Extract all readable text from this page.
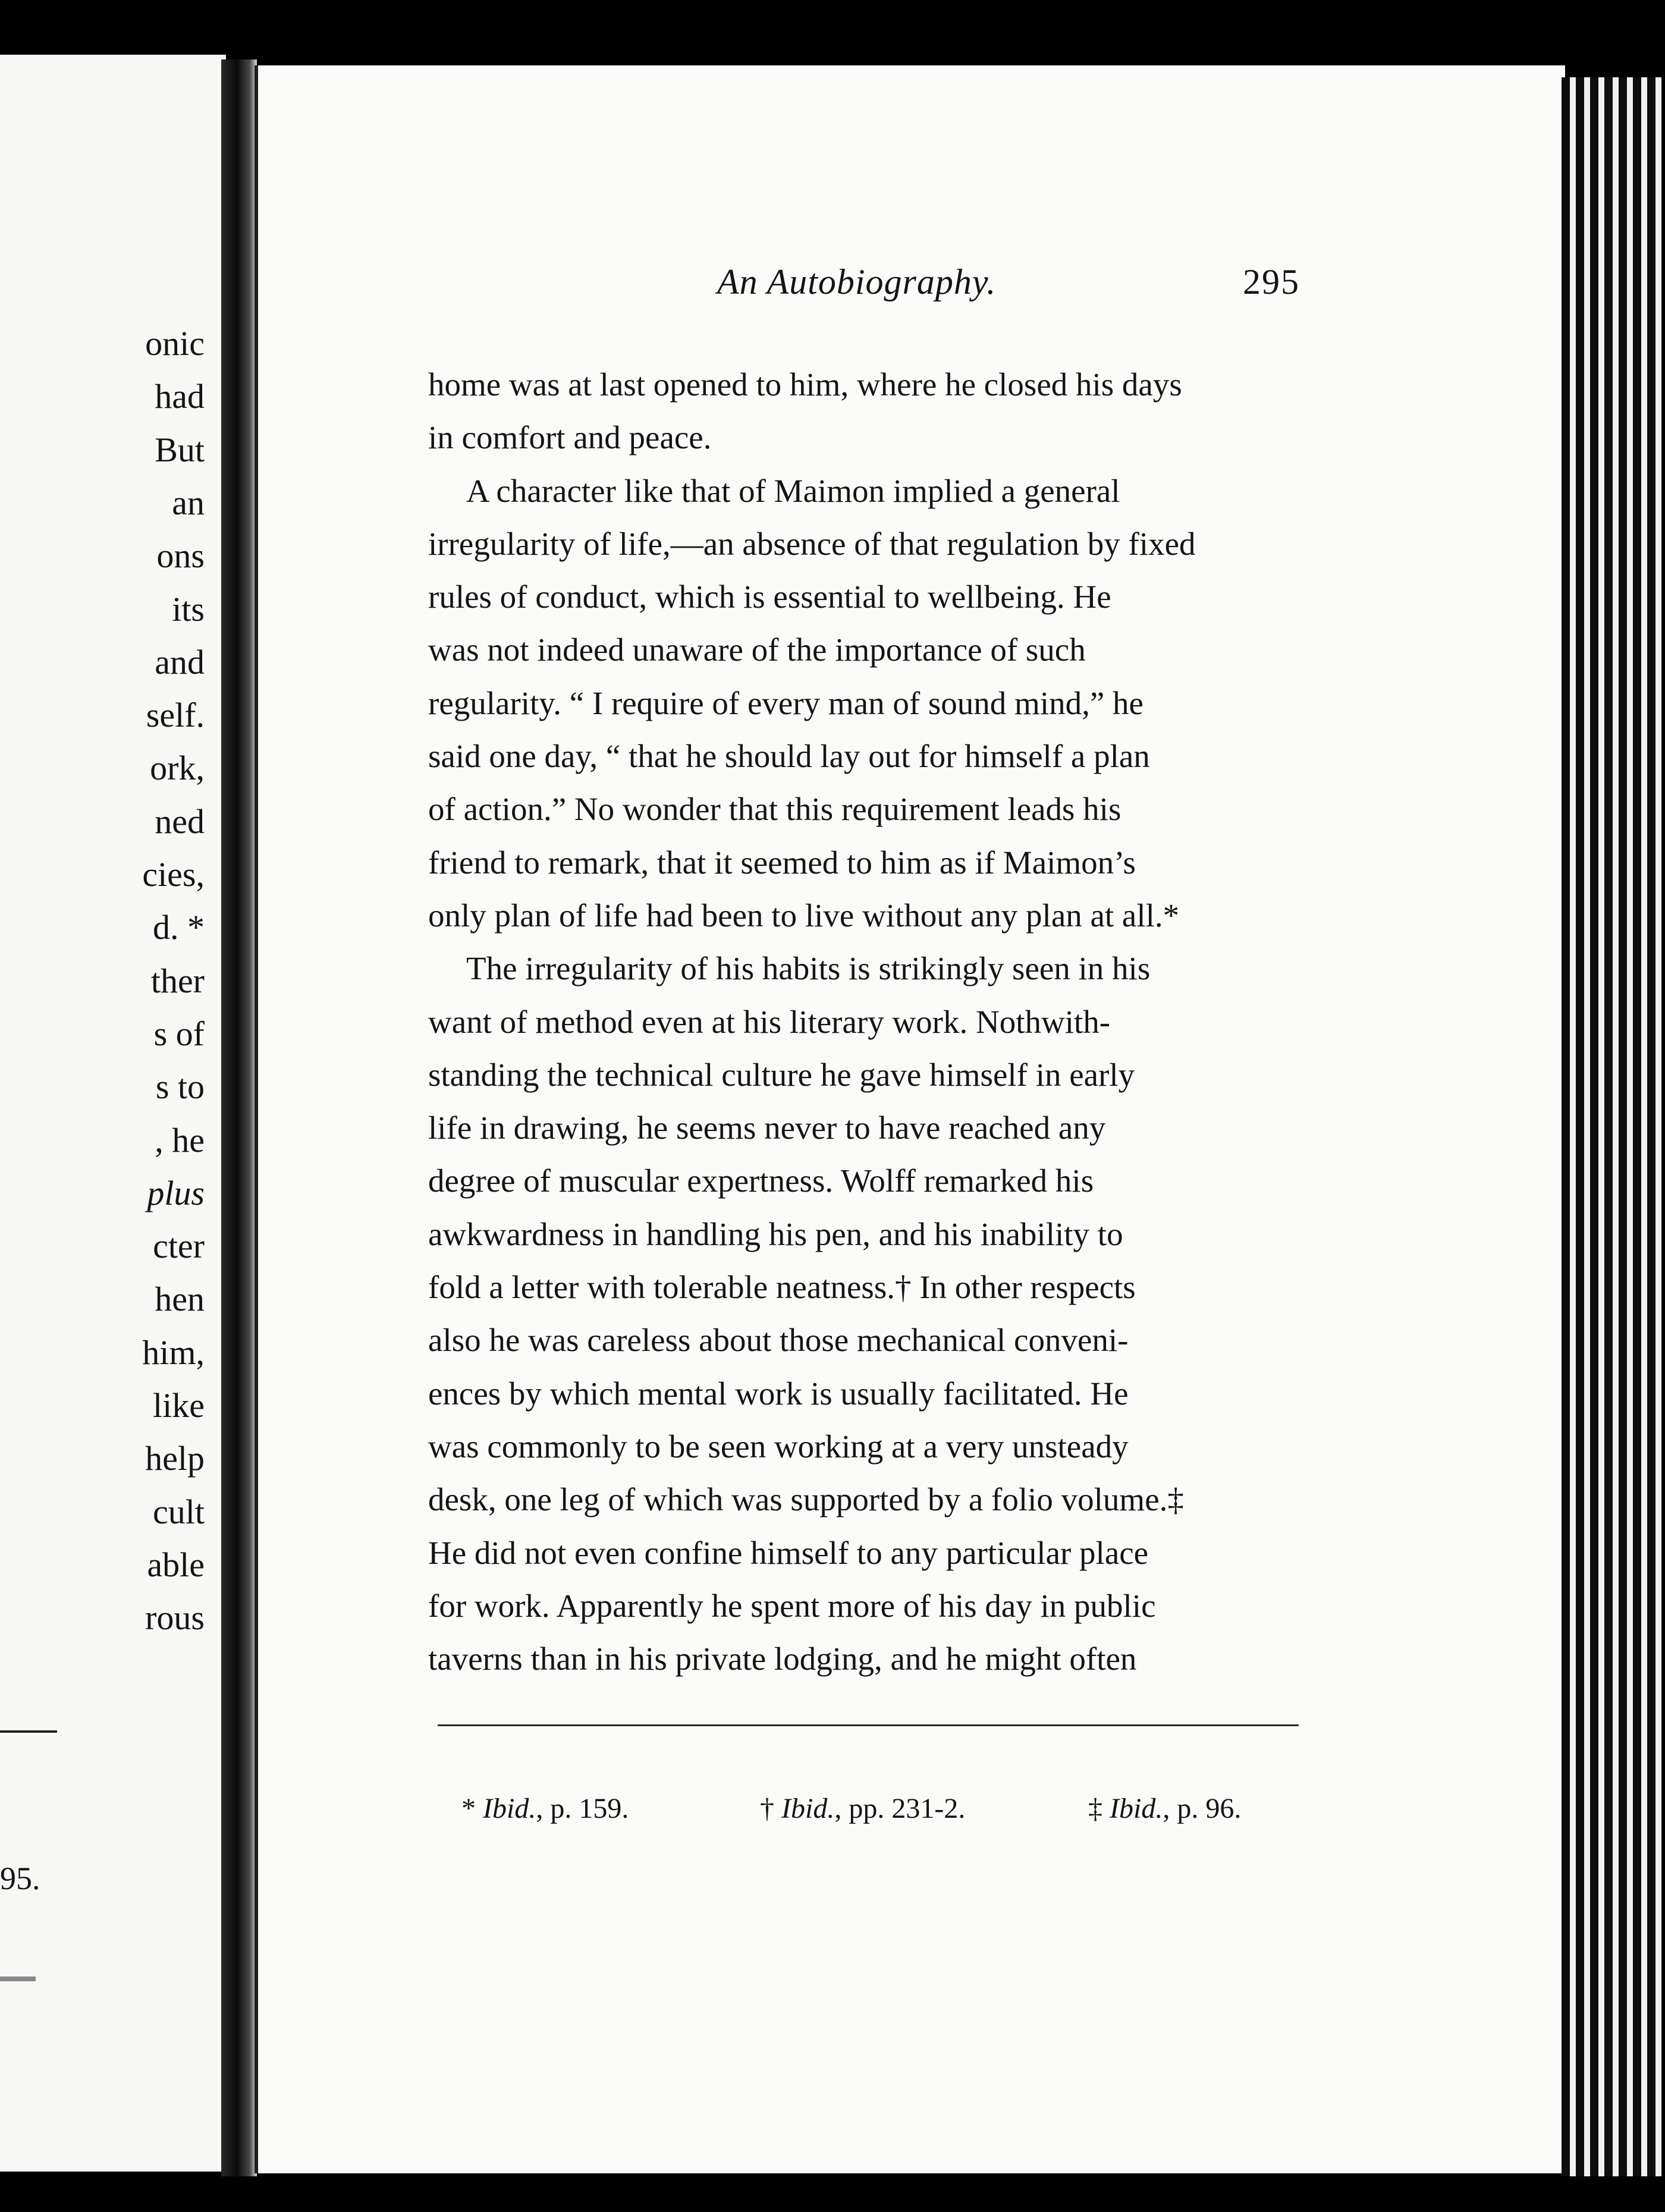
onic
had
But
an
ons
its
and
self.
ork,
ned
cies,
d. *
ther
s of
s to
, he
plus
cter
hen
him,
like
help
cult
able
rous
95.
An Autobiography.	295
home was at last opened to him, where he closed his days
in comfort and peace.
A character like that of Maimon implied a general
irregularity of life,—an absence of that regulation by fixed
rules of conduct, which is essential to wellbeing. He
was not indeed unaware of the importance of such
regularity. “ I require of every man of sound mind,” he
said one day, “ that he should lay out for himself a plan
of action.” No wonder that this requirement leads his
friend to remark, that it seemed to him as if Maimon’s
only plan of life had been to live without any plan at all.*
The irregularity of his habits is strikingly seen in his
want of method even at his literary work. Nothwith-
standing the technical culture he gave himself in early
life in drawing, he seems never to have reached any
degree of muscular expertness. Wolff remarked his
awkwardness in handling his pen, and his inability to
fold a letter with tolerable neatness.† In other respects
also he was careless about those mechanical conveni-
ences by which mental work is usually facilitated. He
was commonly to be seen working at a very unsteady
desk, one leg of which was supported by a folio volume.‡
He did not even confine himself to any particular place
for work. Apparently he spent more of his day in public
taverns than in his private lodging, and he might often
* Ibid., p. 159.	† Ibid., pp. 231-2.	‡ Ibid., p. 96.
